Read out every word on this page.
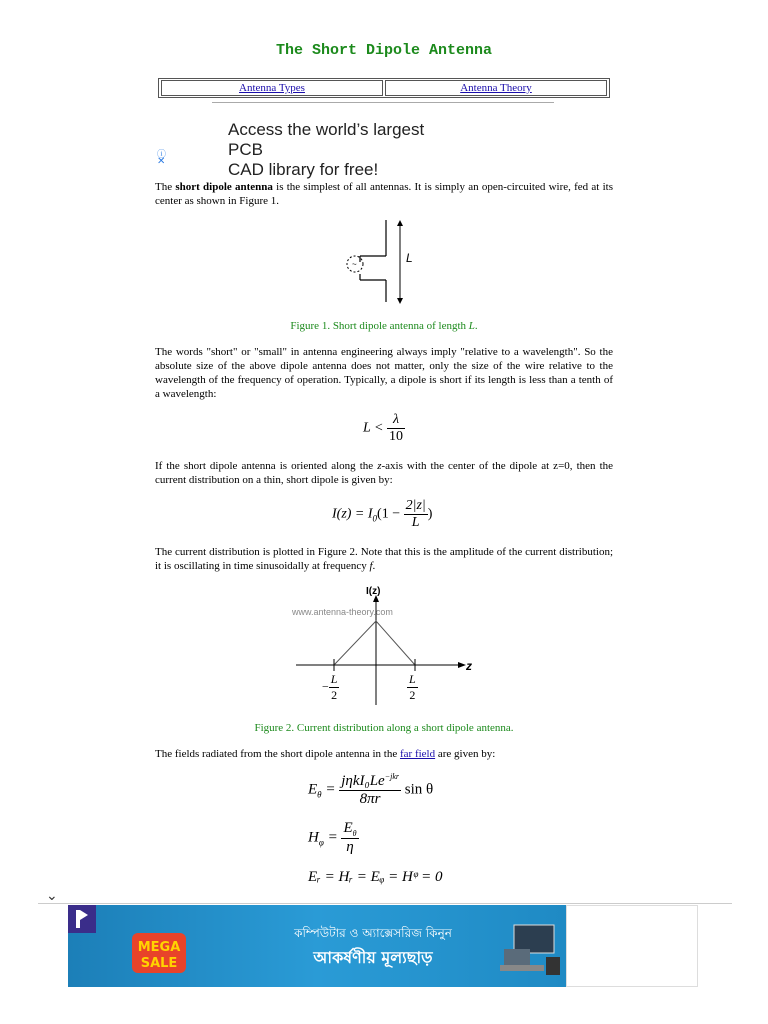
The Short Dipole Antenna
Antenna Types	Antenna Theory
Access the world’s largest PCB
CAD library for free!
ⓘ
✕
The short dipole antenna is the simplest of all antennas. It is simply an open-circuited wire, fed at its center as shown in Figure 1.
~	L
Figure 1. Short dipole antenna of length L.
The words "short" or "small" in antenna engineering always imply "relative to a wavelength". So the absolute size of the above dipole antenna does not matter, only the size of the wire relative to the wavelength of the frequency of operation. Typically, a dipole is short if its length is less than a tenth of a wavelength:
$L < \frac{\lambda}{10}$
If the short dipole antenna is oriented along the z-axis with the center of the dipole at z=0, then the current distribution on a thin, short dipole is given by:
$I(z) = I_0(1 - \frac{2|z|}{L}$ )
The current distribution is plotted in Figure 2. Note that this is the amplitude of the current distribution; it is oscillating in time sinusoidally at frequency f.
I(z)
z
www.antenna-theory.com
− $\frac{L}{2}$	$\frac{L}{2}$
Figure 2. Current distribution along a short dipole antenna.
The fields radiated from the short dipole antenna in the far field are given by:
$E_\theta = \frac{j\eta kI_0Le^{-jkr}}{8\pi r}$ sin θ
$H_\varphi = \frac{E_\theta}{\eta}$
Eᵣ = Hᵣ = Eᵩ = Hᵠ = 0
⌄
MEGA
SALE
কম্পিউটার ও অ্যাক্সেসরিজ কিনুন
আকর্ষণীয় মূল্যছাড়
